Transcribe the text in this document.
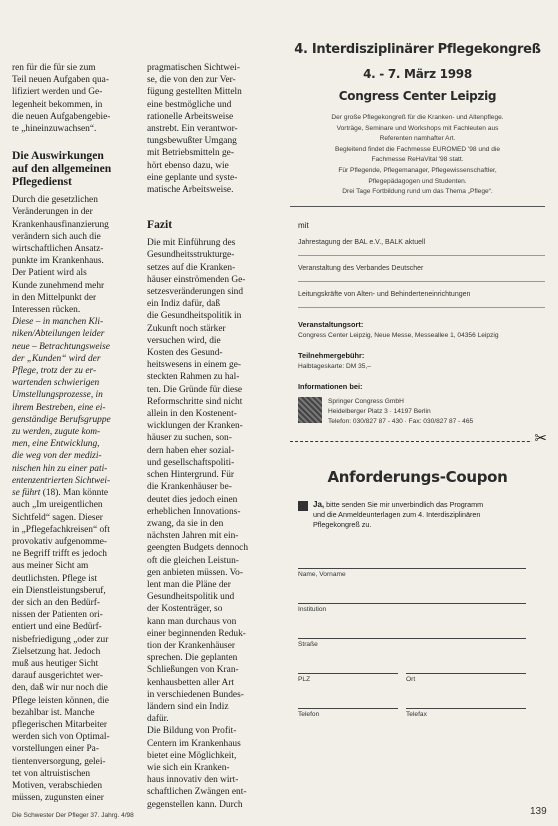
ren für die für sie zum
Teil neuen Aufgaben qua-
lifiziert werden und Ge-
legenheit bekommen, in
die neuen Aufgabengebie-
te „hineinzuwachsen“.

Die Auswirkungen
auf den allgemeinen
Pflegedienst

Durch die gesetzlichen
Veränderungen in der
Krankenhausfinanzierung
verändern sich auch die
wirtschaftlichen Ansatz-
punkte im Krankenhaus.
Der Patient wird als
Kunde zunehmend mehr
in den Mittelpunkt der
Interessen rücken.

Diese – in manchen Kli-
niken/Abteilungen leider
neue – Betrachtungsweise
der „Kunden“ wird der
Pflege, trotz der zu er-
wartenden schwierigen
Umstellungsprozesse, in
ihrem Bestreben, eine ei-
genständige Berufsgruppe
zu werden, zugute kom-
men, eine Entwicklung,
die weg von der medizi-
nischen hin zu einer pati-
entenzentrierten Sichtwei-
se führt (18). Man könnte

auch „Im ureigentlichen
Sichtfeld“ sagen. Dieser
in „Pflegefachkreisen“ oft
provokativ aufgenomme-
ne Begriff trifft es jedoch
aus meiner Sicht am
deutlichsten. Pflege ist
ein Dienstleistungsberuf,
der sich an den Bedürf-
nissen der Patienten ori-
entiert und eine Bedürf-
nisbefriedigung „oder zur
Zielsetzung hat. Jedoch
muß aus heutiger Sicht
darauf ausgerichtet wer-
den, daß wir nur noch die
Pflege leisten können, die
bezahlbar ist. Manche
pflegerischen Mitarbeiter
werden sich von Optimal-
vorstellungen einer Pa-
tientenversorgung, gelei-
tet von altruistischen
Motiven, verabschieden
müssen, zugunsten einer

pragmatischen Sichtwei-
se, die von den zur Ver-
fügung gestellten Mitteln
eine bestmögliche und
rationelle Arbeitsweise
anstrebt. Ein verantwor-
tungsbewußter Umgang
mit Betriebsmitteln ge-
hört ebenso dazu, wie
eine geplante und syste-
matische Arbeitsweise.

Fazit

Die mit Einführung des
Gesundheitsstrukturge-
setzes auf die Kranken-
häuser einströmenden Ge-
setzesveränderungen sind
ein Indiz dafür, daß
die Gesundheitspolitik in
Zukunft noch stärker
versuchen wird, die
Kosten des Gesund-
heitswesens in einem ge-
steckten Rahmen zu hal-
ten. Die Gründe für diese
Reformschritte sind nicht
allein in den Kostenent-
wicklungen der Kranken-
häuser zu suchen, son-
dern haben eher sozial-
und gesellschaftspoliti-
schen Hintergrund. Für
die Krankenhäuser be-
deutet dies jedoch einen
erheblichen Innovations-
zwang, da sie in den
nächsten Jahren mit ein-
geengten Budgets dennoch
oft die gleichen Leistun-
gen anbieten müssen. Vo-
lent man die Pläne der
Gesundheitspolitik und
der Kostenträger, so
kann man durchaus von
einer beginnenden Reduk-
tion der Krankenhäuser
sprechen. Die geplanten
Schließungen von Kran-
kenhausbetten aller Art
in verschiedenen Bundes-
ländern sind ein Indiz
dafür.
Die Bildung von Profit-
Centern im Krankenhaus
bietet eine Möglichkeit,
wie sich ein Kranken-
haus innovativ den wirt-
schaftlichen Zwängen ent-
gegenstellen kann. Durch

4. Interdisziplinärer Pflegekongreß
4. - 7. März 1998
Congress Center Leipzig
Der große Pflegekongreß für die Kranken- und Altenpflege.
Vorträge, Seminare und Workshops mit Fachleuten aus
Referenten namhafter Art.
Begleitend findet die Fachmesse EUROMED '98 und die
Fachmesse ReHaVital '98 statt.
Für Pflegende, Pflegemanager, Pflegewissenschaftler,
Pflegepädagogen und Studenten.
Drei Tage Fortbildung rund um das Thema „Pflege“.
mit
Jahrestagung der BAL e.V., BALK aktuell
Veranstaltung des Verbandes Deutscher
Leitungskräfte von Alten- und Behinderteneinrichtungen
Veranstaltungsort:
Congress Center Leipzig, Neue Messe, Messeallee 1, 04356 Leipzig
Teilnehmergebühr:
Halbtageskarte: DM 35,–
Informationen bei:
Springer Congress GmbH
Heidelberger Platz 3 · 14197 Berlin
Telefon: 030/827 87 - 430 · Fax: 030/827 87 - 465
✂
Anforderungs-Coupon
Ja, bitte senden Sie mir unverbindlich das Programm
und die Anmeldeunterlagen zum 4. Interdisziplinären
Pflegekongreß zu.
Name, Vorname
Institution
Straße
PLZ	Ort
Telefon	Telefax
Die Schwester Der Pfleger 37. Jahrg. 4/98	139
